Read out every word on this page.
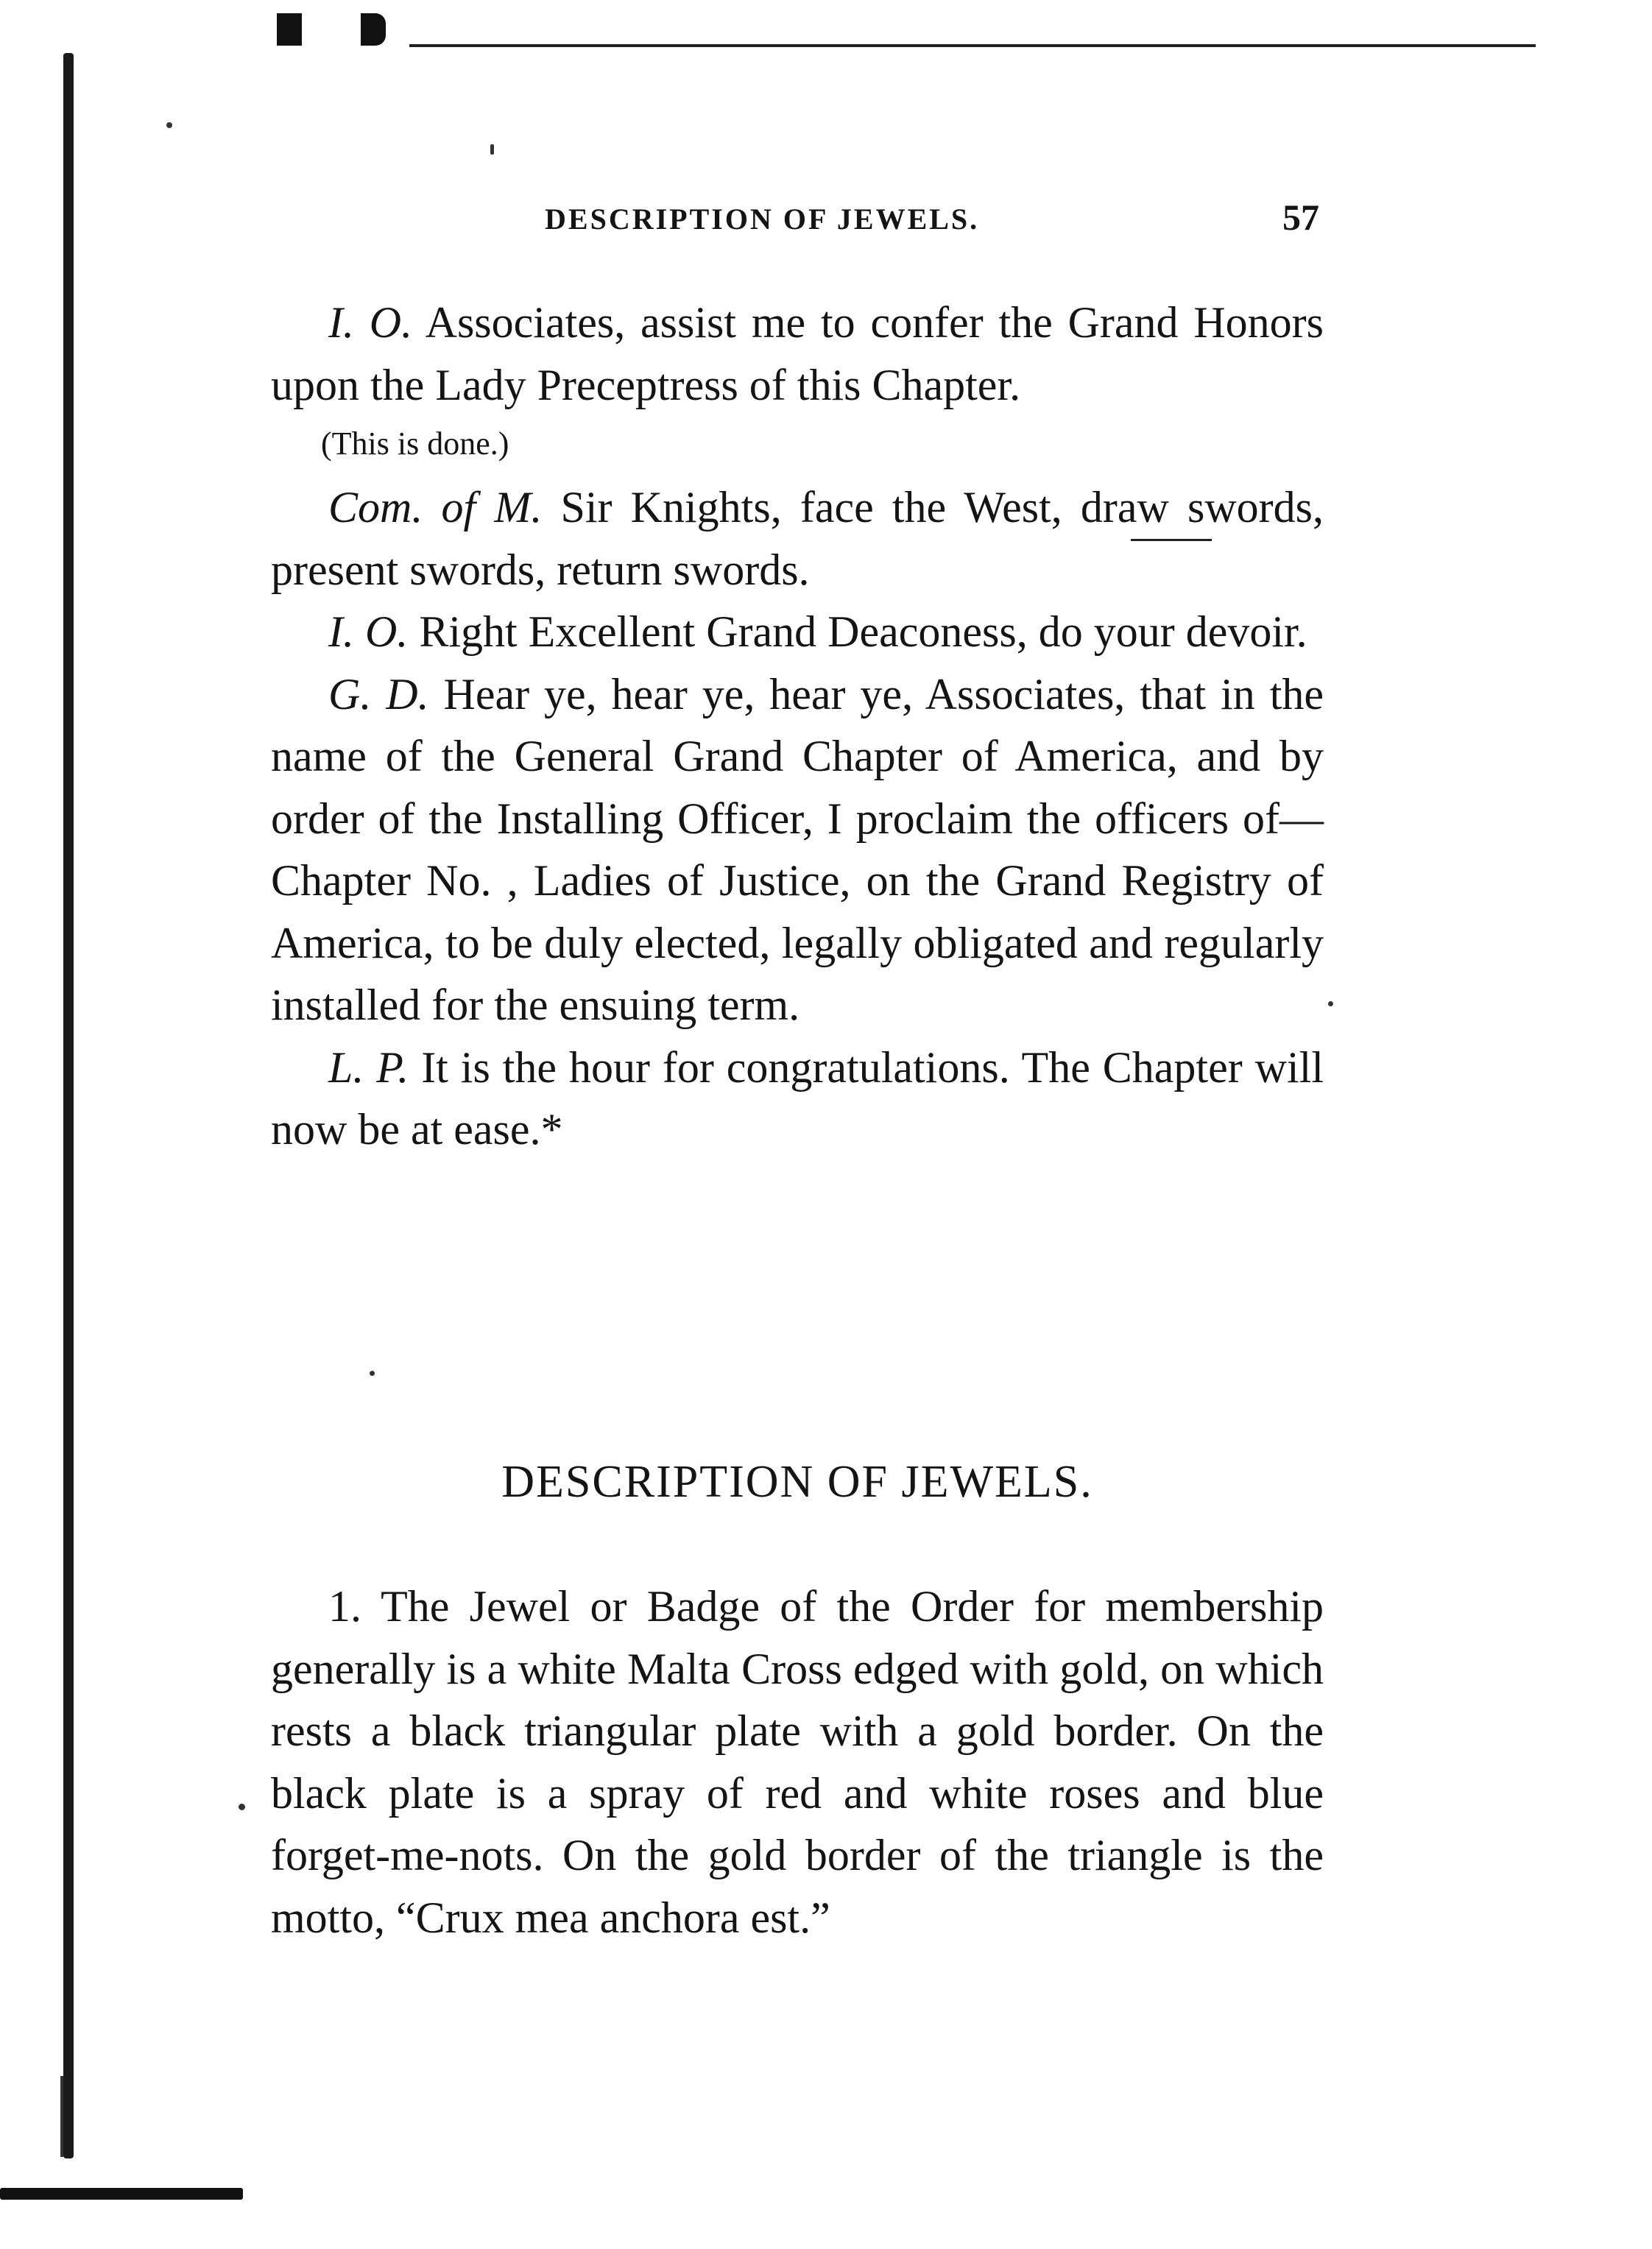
DESCRIPTION OF JEWELS.	57

I. O. Associates, assist me to confer the Grand Honors upon the Lady Preceptress of this Chapter.

(This is done.)

Com. of M. Sir Knights, face the West, draw swords, present swords, return swords.

I. O. Right Excellent Grand Deaconess, do your devoir.

G. D. Hear ye, hear ye, hear ye, Associates, that in the name of the General Grand Chapter of America, and by order of the Installing Officer, I proclaim the officers of—Chapter No. , Ladies of Justice, on the Grand Registry of America, to be duly elected, legally obligated and regularly installed for the ensuing term.

L. P. It is the hour for congratulations. The Chapter will now be at ease.*

DESCRIPTION OF JEWELS.

1. The Jewel or Badge of the Order for membership generally is a white Malta Cross edged with gold, on which rests a black triangular plate with a gold border. On the black plate is a spray of red and white roses and blue forget-me-nots. On the gold border of the triangle is the motto, “Crux mea anchora est.”
